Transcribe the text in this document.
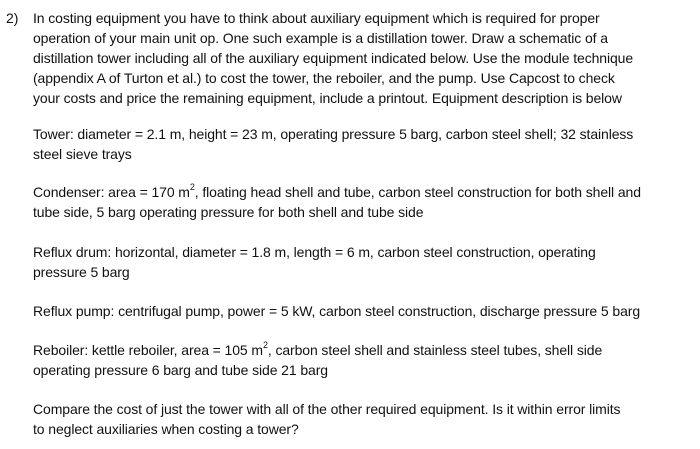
2) In costing equipment you have to think about auxiliary equipment which is required for proper
operation of your main unit op. One such example is a distillation tower. Draw a schematic of a
distillation tower including all of the auxiliary equipment indicated below. Use the module technique
(appendix A of Turton et al.) to cost the tower, the reboiler, and the pump. Use Capcost to check
your costs and price the remaining equipment, include a printout. Equipment description is below
Tower: diameter = 2.1 m, height = 23 m, operating pressure 5 barg, carbon steel shell; 32 stainless
steel sieve trays
Condenser: area = 170 $m^2$, floating head shell and tube, carbon steel construction for both shell and
tube side, 5 barg operating pressure for both shell and tube side
Reflux drum: horizontal, diameter = 1.8 m, length = 6 m, carbon steel construction, operating
pressure 5 barg
Reflux pump: centrifugal pump, power = 5 kW, carbon steel construction, discharge pressure 5 barg
Reboiler: kettle reboiler, area = 105 $m^2$, carbon steel shell and stainless steel tubes, shell side
operating pressure 6 barg and tube side 21 barg
Compare the cost of just the tower with all of the other required equipment. Is it within error limits
to neglect auxiliaries when costing a tower?
